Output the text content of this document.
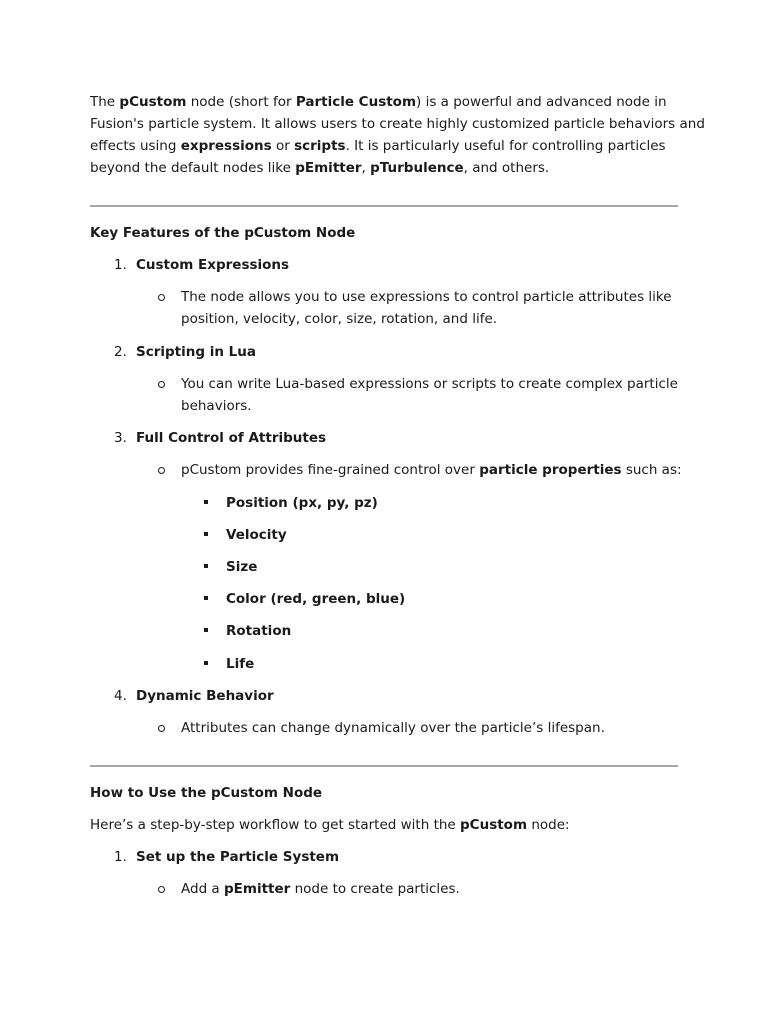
The pCustom node (short for Particle Custom) is a powerful and advanced node in
Fusion's particle system. It allows users to create highly customized particle behaviors and
effects using expressions or scripts. It is particularly useful for controlling particles
beyond the default nodes like pEmitter, pTurbulence, and others.
Key Features of the pCustom Node
1. Custom Expressions
The node allows you to use expressions to control particle attributes like
position, velocity, color, size, rotation, and life.
2. Scripting in Lua
You can write Lua-based expressions or scripts to create complex particle
behaviors.
3. Full Control of Attributes
pCustom provides fine-grained control over particle properties such as:
Position (px, py, pz)
Velocity
Size
Color (red, green, blue)
Rotation
Life
4. Dynamic Behavior
Attributes can change dynamically over the particle’s lifespan.
How to Use the pCustom Node
Here’s a step-by-step workflow to get started with the pCustom node:
1. Set up the Particle System
Add a pEmitter node to create particles.
